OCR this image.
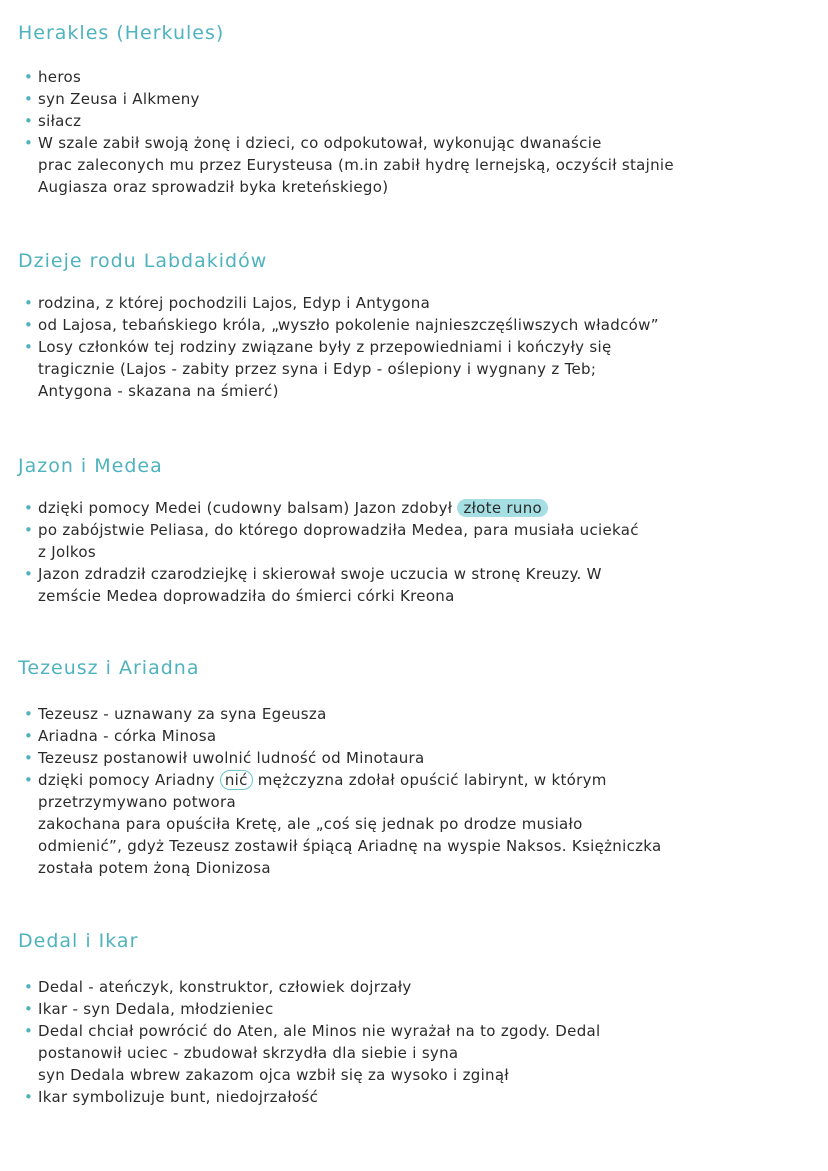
Herakles (Herkules)
• heros
• syn Zeusa i Alkmeny
• siłacz
• W szale zabił swoją żonę i dzieci, co odpokutował, wykonując dwanaście
prac zaleconych mu przez Eurysteusa (m.in zabił hydrę lernejską, oczyścił stajnie
Augiasza oraz sprowadził byka kreteńskiego)
Dzieje rodu Labdakidów
• rodzina, z której pochodzili Lajos, Edyp i Antygona
• od Lajosa, tebańskiego króla, „wyszło pokolenie najnieszczęśliwszych władców”
• Losy członków tej rodziny związane były z przepowiedniami i kończyły się
tragicznie (Lajos - zabity przez syna i Edyp - oślepiony i wygnany z Teb;
Antygona - skazana na śmierć)
Jazon i Medea
• dzięki pomocy Medei (cudowny balsam) Jazon zdobył złote runo
• po zabójstwie Peliasa, do którego doprowadziła Medea, para musiała uciekać
z Jolkos
• Jazon zdradził czarodziejkę i skierował swoje uczucia w stronę Kreuzy. W
zemście Medea doprowadziła do śmierci córki Kreona
Tezeusz i Ariadna
• Tezeusz - uznawany za syna Egeusza
• Ariadna - córka Minosa
• Tezeusz postanowił uwolnić ludność od Minotaura
• dzięki pomocy Ariadny nić mężczyzna zdołał opuścić labirynt, w którym
przetrzymywano potwora
zakochana para opuściła Kretę, ale „coś się jednak po drodze musiało
odmienić”, gdyż Tezeusz zostawił śpiącą Ariadnę na wyspie Naksos. Księżniczka
została potem żoną Dionizosa
Dedal i Ikar
• Dedal - ateńczyk, konstruktor, człowiek dojrzały
• Ikar - syn Dedala, młodzieniec
• Dedal chciał powrócić do Aten, ale Minos nie wyrażał na to zgody. Dedal
postanowił uciec - zbudował skrzydła dla siebie i syna
syn Dedala wbrew zakazom ojca wzbił się za wysoko i zginął
• Ikar symbolizuje bunt, niedojrzałość
